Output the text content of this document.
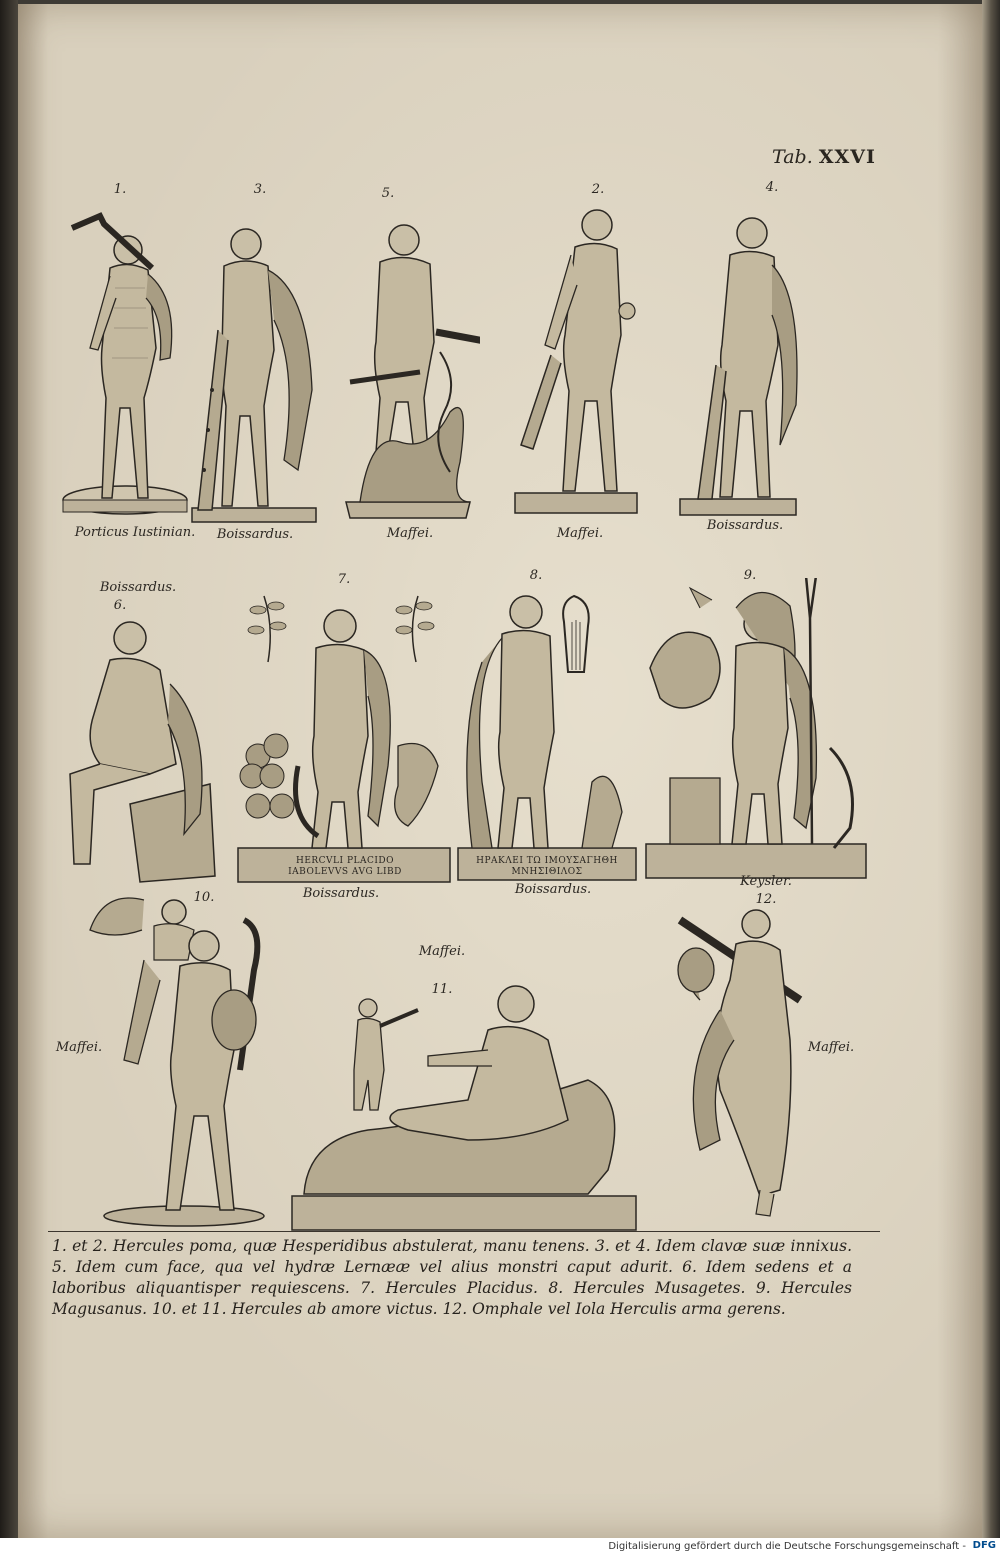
Tab. XXVI
1.	3.	5.	2.	4.
Porticus Iustinian.	Boissardus.	Maffei.	Maffei.
Boissardus.
Boissardus.
6.
7.	8.	9.
HERCVLI PLACIDO
IABOLEVVS AVG LIBD
ΗΡΑΚΛΕΙ ΤΩ ΙΜΟΥΣΑΓΗΘΗ
ΜΝΗΣΙΘΙΛΟΣ
Boissardus.	Boissardus.
Keysler.
10.
Maffei.
Maffei.
11.
12.
Maffei.
1. et 2. Hercules poma, quæ Hesperidibus abstulerat, manu tenens. 3. et 4. Idem clavæ suæ innixus. 5. Idem cum face, qua vel hydræ Lernææ vel alius monstri caput adurit. 6. Idem sedens et a laboribus aliquantisper requiescens. 7. Hercules Placidus. 8. Hercules Musagetes. 9. Hercules Magusanus. 10. et 11. Hercules ab amore victus. 12. Omphale vel Iola Herculis arma gerens.
Digitalisierung gefördert durch die Deutsche Forschungsgemeinschaft - DFG
